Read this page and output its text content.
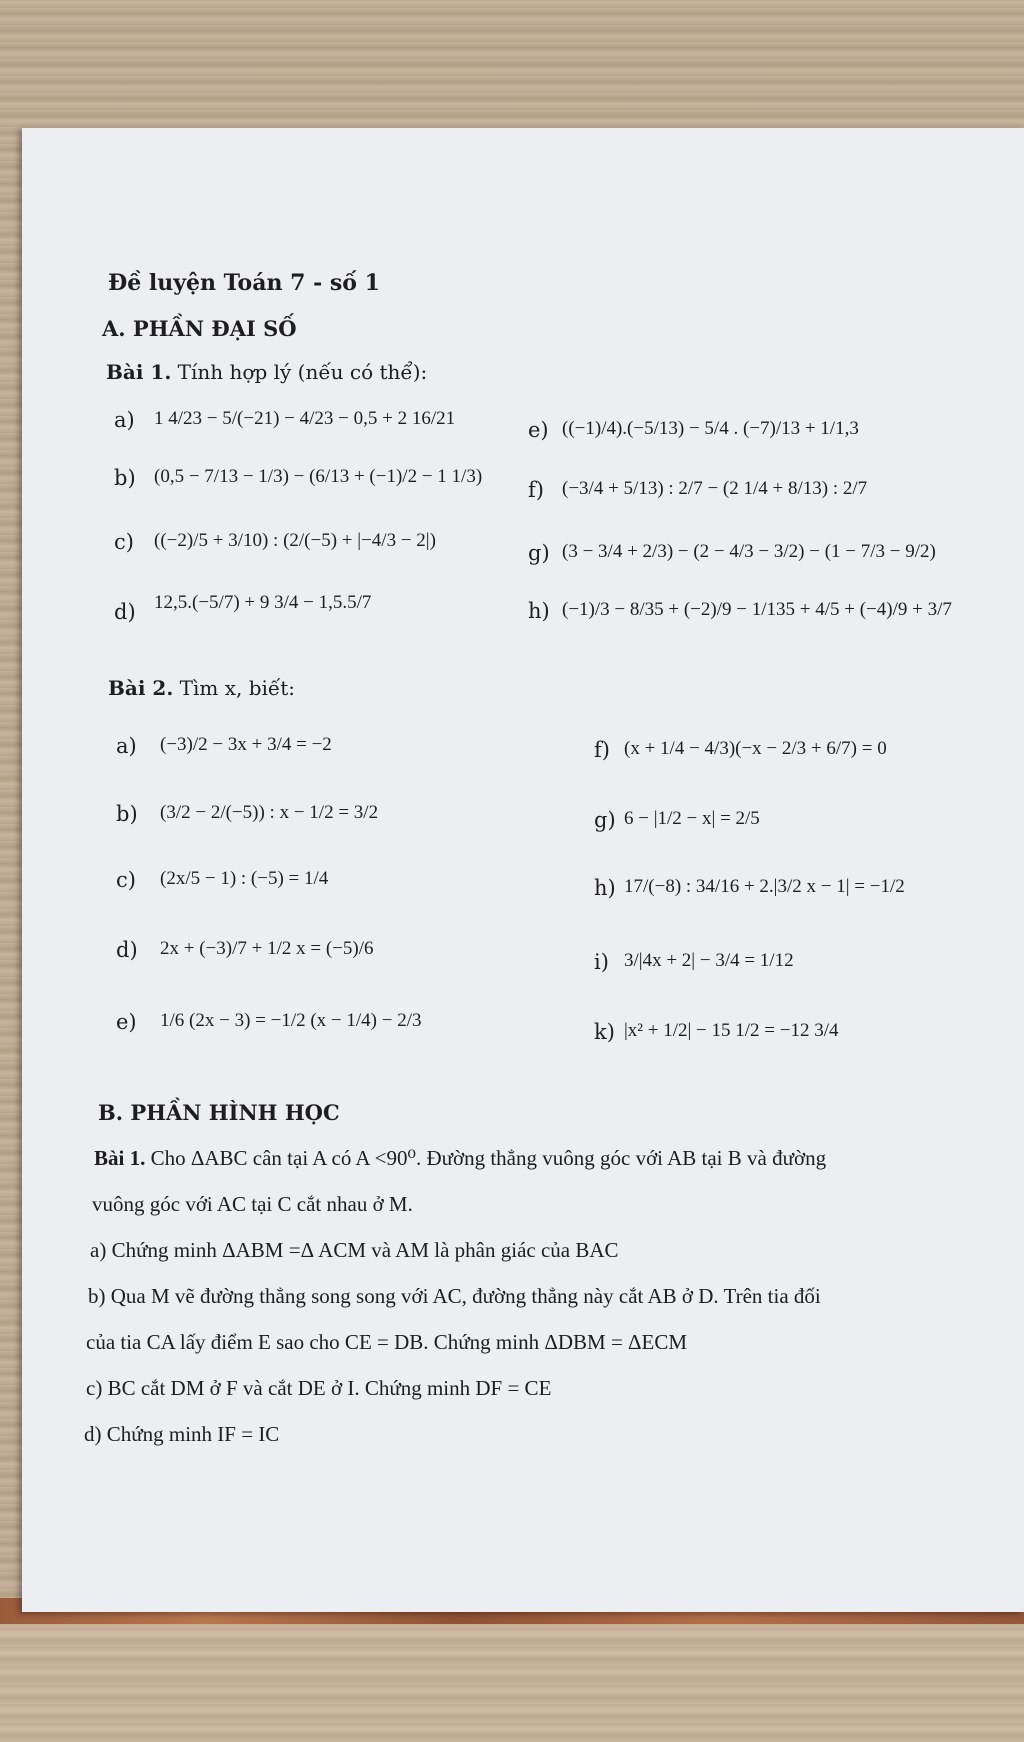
Đề luyện Toán 7 - số 1
A. PHẦN ĐẠI SỐ
Bài 1. Tính hợp lý (nếu có thể):
a) 1 4/23 − 5/(−21) − 4/23 − 0,5 + 2 16/21
b) (0,5 − 7/13 − 1/3) − (6/13 + (−1)/2 − 1 1/3)
c) ((−2)/5 + 3/10) : (2/(−5) + |−4/3 − 2|)
d) 12,5.(−5/7) + 9 3/4 − 1,5.5/7
e) ((−1)/4).(−5/13) − 5/4 . (−7)/13 + 1/1,3
f) (−3/4 + 5/13) : 2/7 − (2 1/4 + 8/13) : 2/7
g) (3 − 3/4 + 2/3) − (2 − 4/3 − 3/2) − (1 − 7/3 − 9/2)
h) (−1)/3 − 8/35 + (−2)/9 − 1/135 + 4/5 + (−4)/9 + 3/7
Bài 2. Tìm x, biết:
a) (−3)/2 − 3x + 3/4 = −2
b) (3/2 − 2/(−5)) : x − 1/2 = 3/2
c) (2x/5 − 1) : (−5) = 1/4
d) 2x + (−3)/7 + 1/2 x = (−5)/6
e) 1/6 (2x − 3) = −1/2 (x − 1/4) − 2/3
f) (x + 1/4 − 4/3)(−x − 2/3 + 6/7) = 0
g) 6 − |1/2 − x| = 2/5
h) 17/(−8) : 34/16 + 2.|3/2 x − 1| = −1/2
i) 3/|4x + 2| − 3/4 = 1/12
k) |x² + 1/2| − 15 1/2 = −12 3/4
B. PHẦN HÌNH HỌC
Bài 1. Cho ΔABC cân tại A có A <90⁰. Đường thẳng vuông góc với AB tại B và đường
vuông góc với AC tại C cắt nhau ở M.
a) Chứng minh ΔABM =Δ ACM và AM là phân giác của BAC
b) Qua M vẽ đường thẳng song song với AC, đường thẳng này cắt AB ở D. Trên tia đối
của tia CA lấy điểm E sao cho CE = DB. Chứng minh ΔDBM = ΔECM
c) BC cắt DM ở F và cắt DE ở I. Chứng minh DF = CE
d) Chứng minh IF = IC
